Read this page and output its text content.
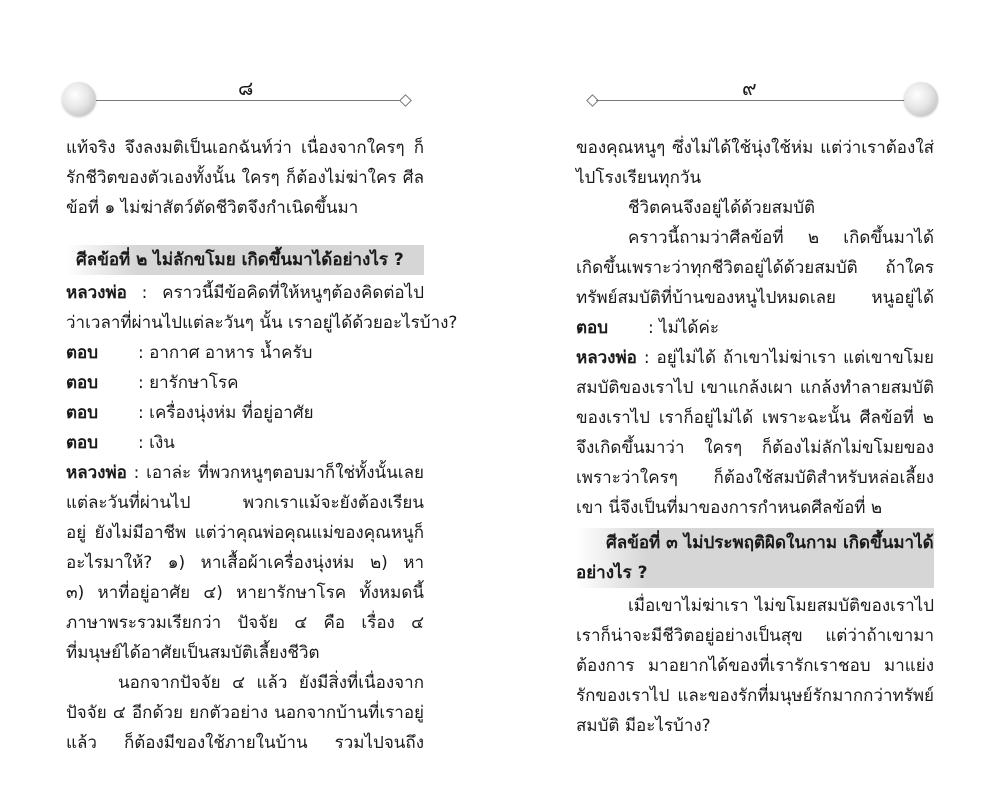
๘
แท้จริง จึงลงมติเป็นเอกฉันท์ว่า เนื่องจากใครๆ ก็
รักชีวิตของตัวเองทั้งนั้น ใครๆ ก็ต้องไม่ฆ่าใคร ศีล
ข้อที่ ๑ ไม่ฆ่าสัตว์ตัดชีวิตจึงกำเนิดขึ้นมา
ศีลข้อที่ ๒ ไม่ลักขโมย เกิดขึ้นมาได้อย่างไร ?
หลวงพ่อ : คราวนี้มีข้อคิดที่ให้หนูๆต้องคิดต่อไป
ว่าเวลาที่ผ่านไปแต่ละวันๆ นั้น เราอยู่ได้ด้วยอะไรบ้าง?
ตอบ	: อากาศ อาหาร น้ำครับ
ตอบ	: ยารักษาโรค
ตอบ	: เครื่องนุ่งห่ม ที่อยู่อาศัย
ตอบ	: เงิน
หลวงพ่อ : เอาล่ะ ที่พวกหนูๆตอบมาก็ใช่ทั้งนั้นเลย
แต่ละวันที่ผ่านไป พวกเราแม้จะยังต้องเรียน
อยู่ ยังไม่มีอาชีพ แต่ว่าคุณพ่อคุณแม่ของคุณหนูก็
อะไรมาให้? ๑) หาเสื้อผ้าเครื่องนุ่งห่ม ๒) หา
๓) หาที่อยู่อาศัย ๔) หายารักษาโรค ทั้งหมดนี้
ภาษาพระรวมเรียกว่า ปัจจัย ๔ คือ เรื่อง ๔
ที่มนุษย์ได้อาศัยเป็นสมบัติเลี้ยงชีวิต
นอกจากปัจจัย ๔ แล้ว ยังมีสิ่งที่เนื่องจาก
ปัจจัย ๔ อีกด้วย ยกตัวอย่าง นอกจากบ้านที่เราอยู่
แล้ว ก็ต้องมีของใช้ภายในบ้าน รวมไปจนถึง
๙
ของคุณหนูๆ ซึ่งไม่ได้ใช้นุ่งใช้ห่ม แต่ว่าเราต้องใส่
ไปโรงเรียนทุกวัน
ชีวิตคนจึงอยู่ได้ด้วยสมบัติ
คราวนี้ถามว่าศีลข้อที่ ๒ เกิดขึ้นมาได้
เกิดขึ้นเพราะว่าทุกชีวิตอยู่ได้ด้วยสมบัติ ถ้าใคร
ทรัพย์สมบัติที่บ้านของหนูไปหมดเลย หนูอยู่ได้
ตอบ	: ไม่ได้ค่ะ
หลวงพ่อ : อยู่ไม่ได้ ถ้าเขาไม่ฆ่าเรา แต่เขาขโมย
สมบัติของเราไป เขาแกล้งเผา แกล้งทำลายสมบัติ
ของเราไป เราก็อยู่ไม่ได้ เพราะฉะนั้น ศีลข้อที่ ๒
จึงเกิดขึ้นมาว่า ใครๆ ก็ต้องไม่ลักไม่ขโมยของ
เพราะว่าใครๆ ก็ต้องใช้สมบัติสำหรับหล่อเลี้ยง
เขา นี่จึงเป็นที่มาของการกำหนดศีลข้อที่ ๒
ศีลข้อที่ ๓ ไม่ประพฤติผิดในกาม เกิดขึ้นมาได้
อย่างไร ?
เมื่อเขาไม่ฆ่าเรา ไม่ขโมยสมบัติของเราไป
เราก็น่าจะมีชีวิตอยู่อย่างเป็นสุข แต่ว่าถ้าเขามา
ต้องการ มาอยากได้ของที่เรารักเราชอบ มาแย่ง
รักของเราไป และของรักที่มนุษย์รักมากกว่าทรัพย์
สมบัติ มีอะไรบ้าง?
